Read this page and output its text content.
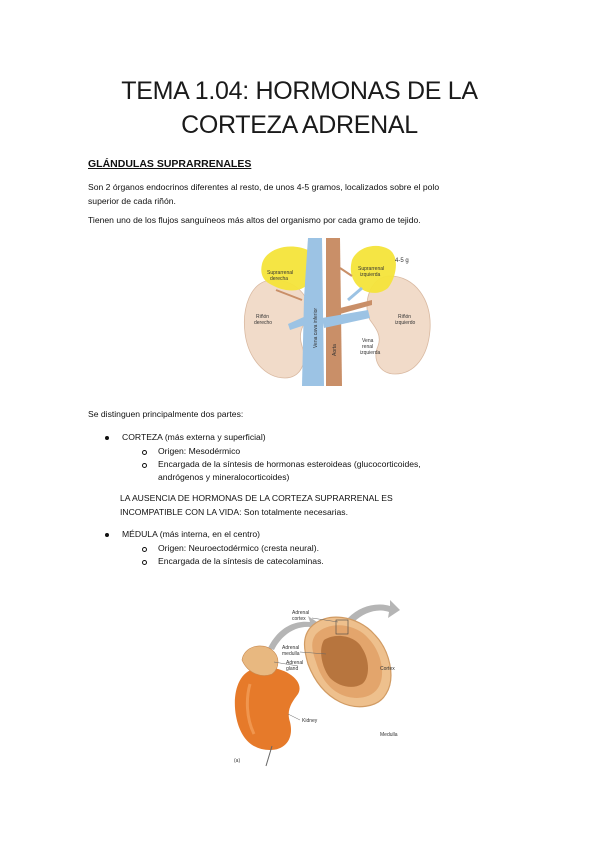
TEMA 1.04: HORMONAS DE LA
CORTEZA ADRENAL
GLÁNDULAS SUPRARRENALES
Son 2 órganos endocrinos diferentes al resto, de unos 4-5 gramos, localizados sobre el polo
superior de cada riñón.
Tienen uno de los flujos sanguíneos más altos del organismo por cada gramo de tejido.
Suprarrenal
derecha
Suprarrenal
izquierda
4-5 g
Riñón
derecho
Riñón
izquierdo
Vena cava inferior
Aorta
Vena
renal
izquierda
Se distinguen principalmente dos partes:
CORTEZA (más externa y superficial)
Origen: Mesodérmico
Encargada de la síntesis de hormonas esteroideas (glucocorticoides,
andrógenos y mineralocorticoides)
LA AUSENCIA DE HORMONAS DE LA CORTEZA SUPRARRENAL ES
INCOMPATIBLE CON LA VIDA: Son totalmente necesarias.
MÉDULA (más interna, en el centro)
Origen: Neuroectodérmico (cresta neural).
Encargada de la síntesis de catecolaminas.
Adrenal
cortex
Adrenal
medulla
Adrenal
gland
Kidney
Cortex
Medulla
(a)
